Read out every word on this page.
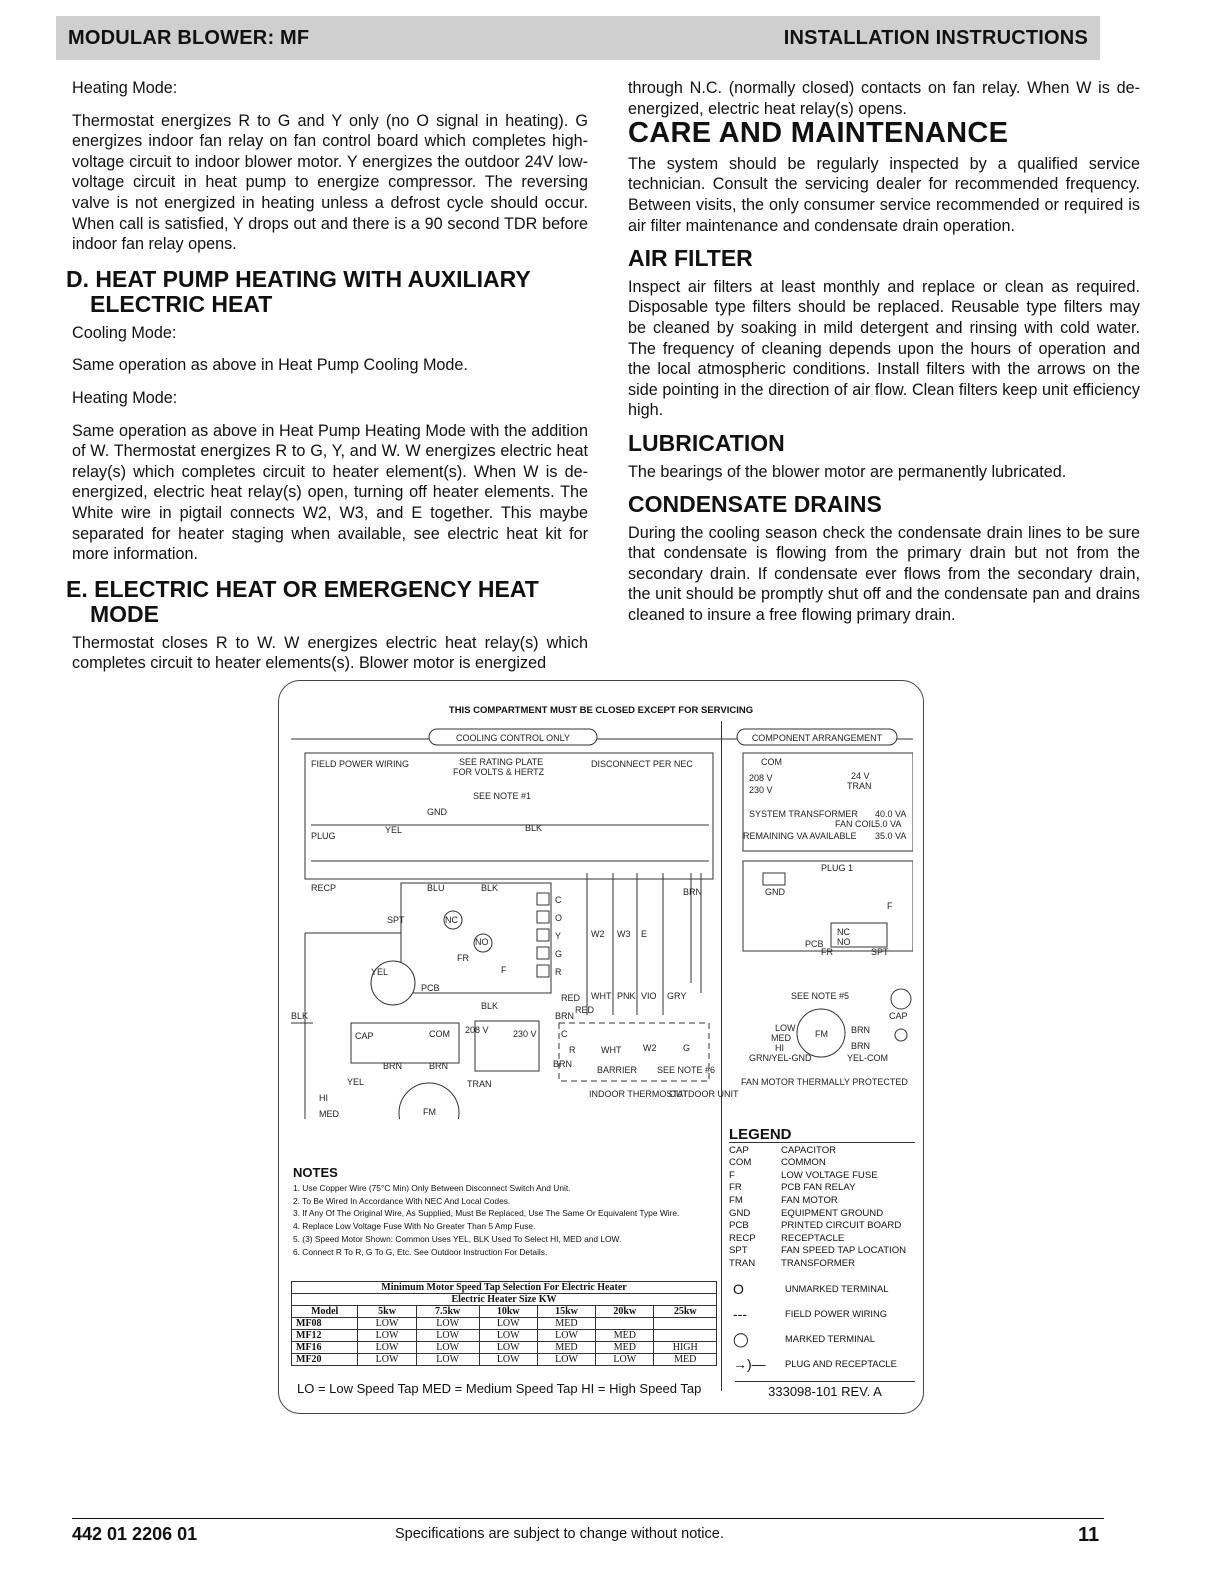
MODULAR BLOWER: MF	INSTALLATION INSTRUCTIONS

Heating Mode:

Thermostat energizes R to G and Y only (no O signal in heating). G energizes indoor fan relay on fan control board which completes high-voltage circuit to indoor blower motor. Y energizes the outdoor 24V low-voltage circuit in heat pump to energize compressor. The reversing valve is not energized in heating unless a defrost cycle should occur. When call is satisfied, Y drops out and there is a 90 second TDR before indoor fan relay opens.

D. HEAT PUMP HEATING WITH AUXILIARY ELECTRIC HEAT

Cooling Mode:

Same operation as above in Heat Pump Cooling Mode.

Heating Mode:

Same operation as above in Heat Pump Heating Mode with the addition of W. Thermostat energizes R to G, Y, and W. W energizes electric heat relay(s) which completes circuit to heater element(s). When W is de-energized, electric heat relay(s) open, turning off heater elements. The White wire in pigtail connects W2, W3, and E together. This maybe separated for heater staging when available, see electric heat kit for more information.

E. ELECTRIC HEAT OR EMERGENCY HEAT MODE

Thermostat closes R to W. W energizes electric heat relay(s) which completes circuit to heater elements(s). Blower motor is energized

through N.C. (normally closed) contacts on fan relay. When W is de-energized, electric heat relay(s) opens.

CARE AND MAINTENANCE

The system should be regularly inspected by a qualified service technician. Consult the servicing dealer for recommended frequency. Between visits, the only consumer service recommended or required is air filter maintenance and condensate drain operation.

AIR FILTER

Inspect air filters at least monthly and replace or clean as required. Disposable type filters should be replaced. Reusable type filters may be cleaned by soaking in mild detergent and rinsing with cold water. The frequency of cleaning depends upon the hours of operation and the local atmospheric conditions. Install filters with the arrows on the side pointing in the direction of air flow. Clean filters keep unit efficiency high.

LUBRICATION

The bearings of the blower motor are permanently lubricated.

CONDENSATE DRAINS

During the cooling season check the condensate drain lines to be sure that condensate is flowing from the primary drain but not from the secondary drain. If condensate ever flows from the secondary drain, the unit should be promptly shut off and the condensate pan and drains cleaned to insure a free flowing primary drain.

THIS COMPARTMENT MUST BE CLOSED EXCEPT FOR SERVICING
COOLING CONTROL ONLY	COMPONENT ARRANGEMENT
FIELD POWER WIRING	SEE RATING PLATE
FOR VOLTS & HERTZ
DISCONNECT PER NEC
SEE NOTE #1
GND
PLUG
YEL	BLK
RECP	BLU	BLK	BRN
SPT	NC
NO
FR
F
YEL
PCB
BLK
BLK
CAP	COM 208 V	230 V
BRN	BRN
TRAN
YEL
HI
MED	FM
BARRIER SEE NOTE #6
R	WHT W2	G
C
INDOOR THERMOSTAT
OUTDOOR UNIT
C
O
Y
G
R
W2 W3 E
WHT PNK VIO GRY
RED
RED
BRN
BRN
COM
208 V
230 V
24 V
TRAN
SYSTEM TRANSFORMER 40.0 VA
FAN COIL
5.0 VA
REMAINING VA AVAILABLE 35.0 VA
PLUG 1
GND
PCB
NC
NO
FR	SPT
F
SEE NOTE #5
CAP
LOW
MED
HI
FM	BRN
BRN
GRN/YEL-GND	YEL-COM
FAN MOTOR THERMALLY PROTECTED
NOTES
1. Use Copper Wire (75°C Min) Only Between Disconnect Switch And Unit.
2. To Be Wired In Accordance With NEC And Local Codes.
3. If Any Of The Original Wire, As Supplied, Must Be Replaced, Use The Same Or Equivalent Type Wire.
4. Replace Low Voltage Fuse With No Greater Than 5 Amp Fuse.
5. (3) Speed Motor Shown: Common Uses YEL, BLK Used To Select HI, MED and LOW.
6. Connect R To R, G To G, Etc. See Outdoor Instruction For Details.
Minimum Motor Speed Tap Selection For Electric Heater						
Electric Heater Size KW						
Model	5kw	7.5kw	10kw	15kw	20kw	25kw
MF08	LOW	LOW	LOW	MED		
MF12	LOW	LOW	LOW	LOW	MED	
MF16	LOW	LOW	LOW	MED	MED	HIGH
MF20	LOW	LOW	LOW	LOW	LOW	MED
LO = Low Speed Tap MED = Medium Speed Tap HI = High Speed Tap
LEGEND
CAP	CAPACITOR
COM	COMMON
F	LOW VOLTAGE FUSE
FR	PCB FAN RELAY
FM	FAN MOTOR
GND	EQUIPMENT GROUND
PCB	PRINTED CIRCUIT BOARD
RECP	RECEPTACLE
SPT	FAN SPEED TAP LOCATION
TRAN	TRANSFORMER
O	UNMARKED TERMINAL
---	FIELD POWER WIRING
◯	MARKED TERMINAL
→)—	PLUG AND RECEPTACLE
333098-101 REV. A
442 01 2206 01	Specifications are subject to change without notice.	11
